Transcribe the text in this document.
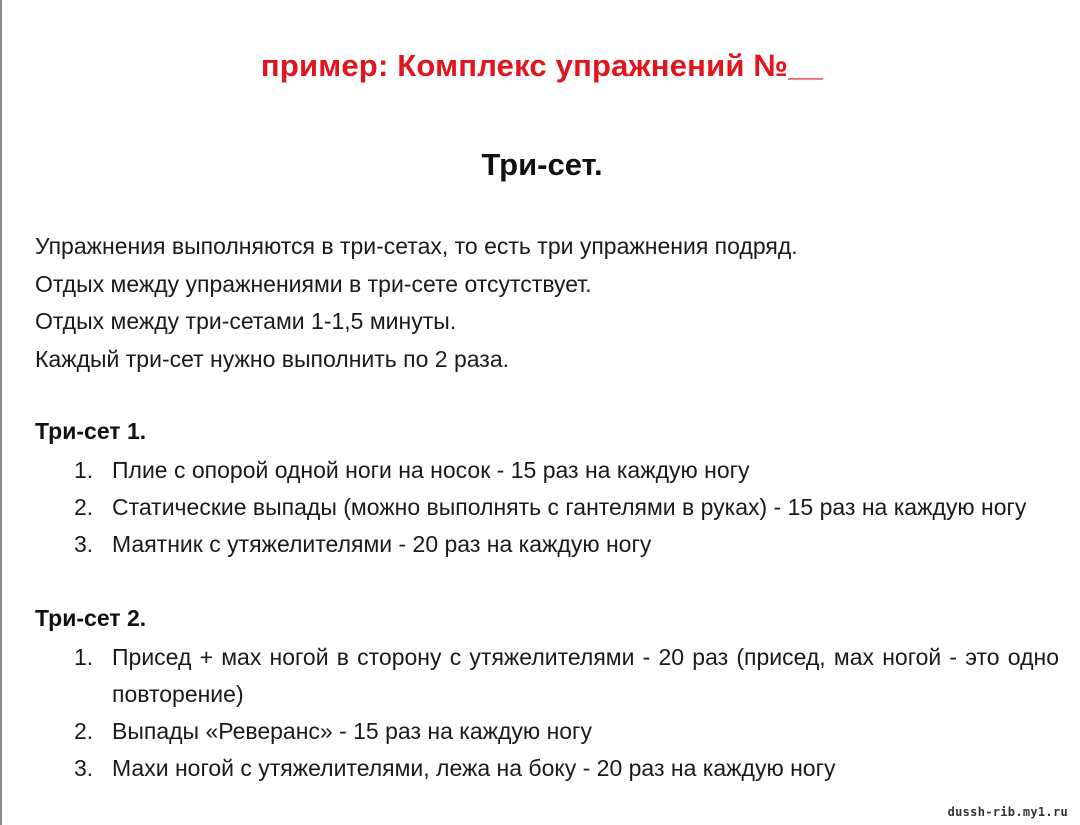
пример: Комплекс упражнений №__
Три-сет.

Упражнения выполняются в три-сетах, то есть три упражнения подряд.

Отдых между упражнениями в три-сете отсутствует.

Отдых между три-сетами 1-1,5 минуты.

Каждый три-сет нужно выполнить по 2 раза.

Три-сет 1.
1. Плие с опорой одной ноги на носок - 15 раз на каждую ногу
2. Статические выпады (можно выполнять с гантелями в руках) - 15 раз на каждую ногу
3. Маятник с утяжелителями - 20 раз на каждую ногу
Три-сет 2.
1. Присед + мах ногой в сторону с утяжелителями - 20 раз (присед, мах ногой - это одно повторение)
2. Выпады «Реверанс» - 15 раз на каждую ногу
3. Махи ногой с утяжелителями, лежа на боку - 20 раз на каждую ногу
dussh-rib.my1.ru
